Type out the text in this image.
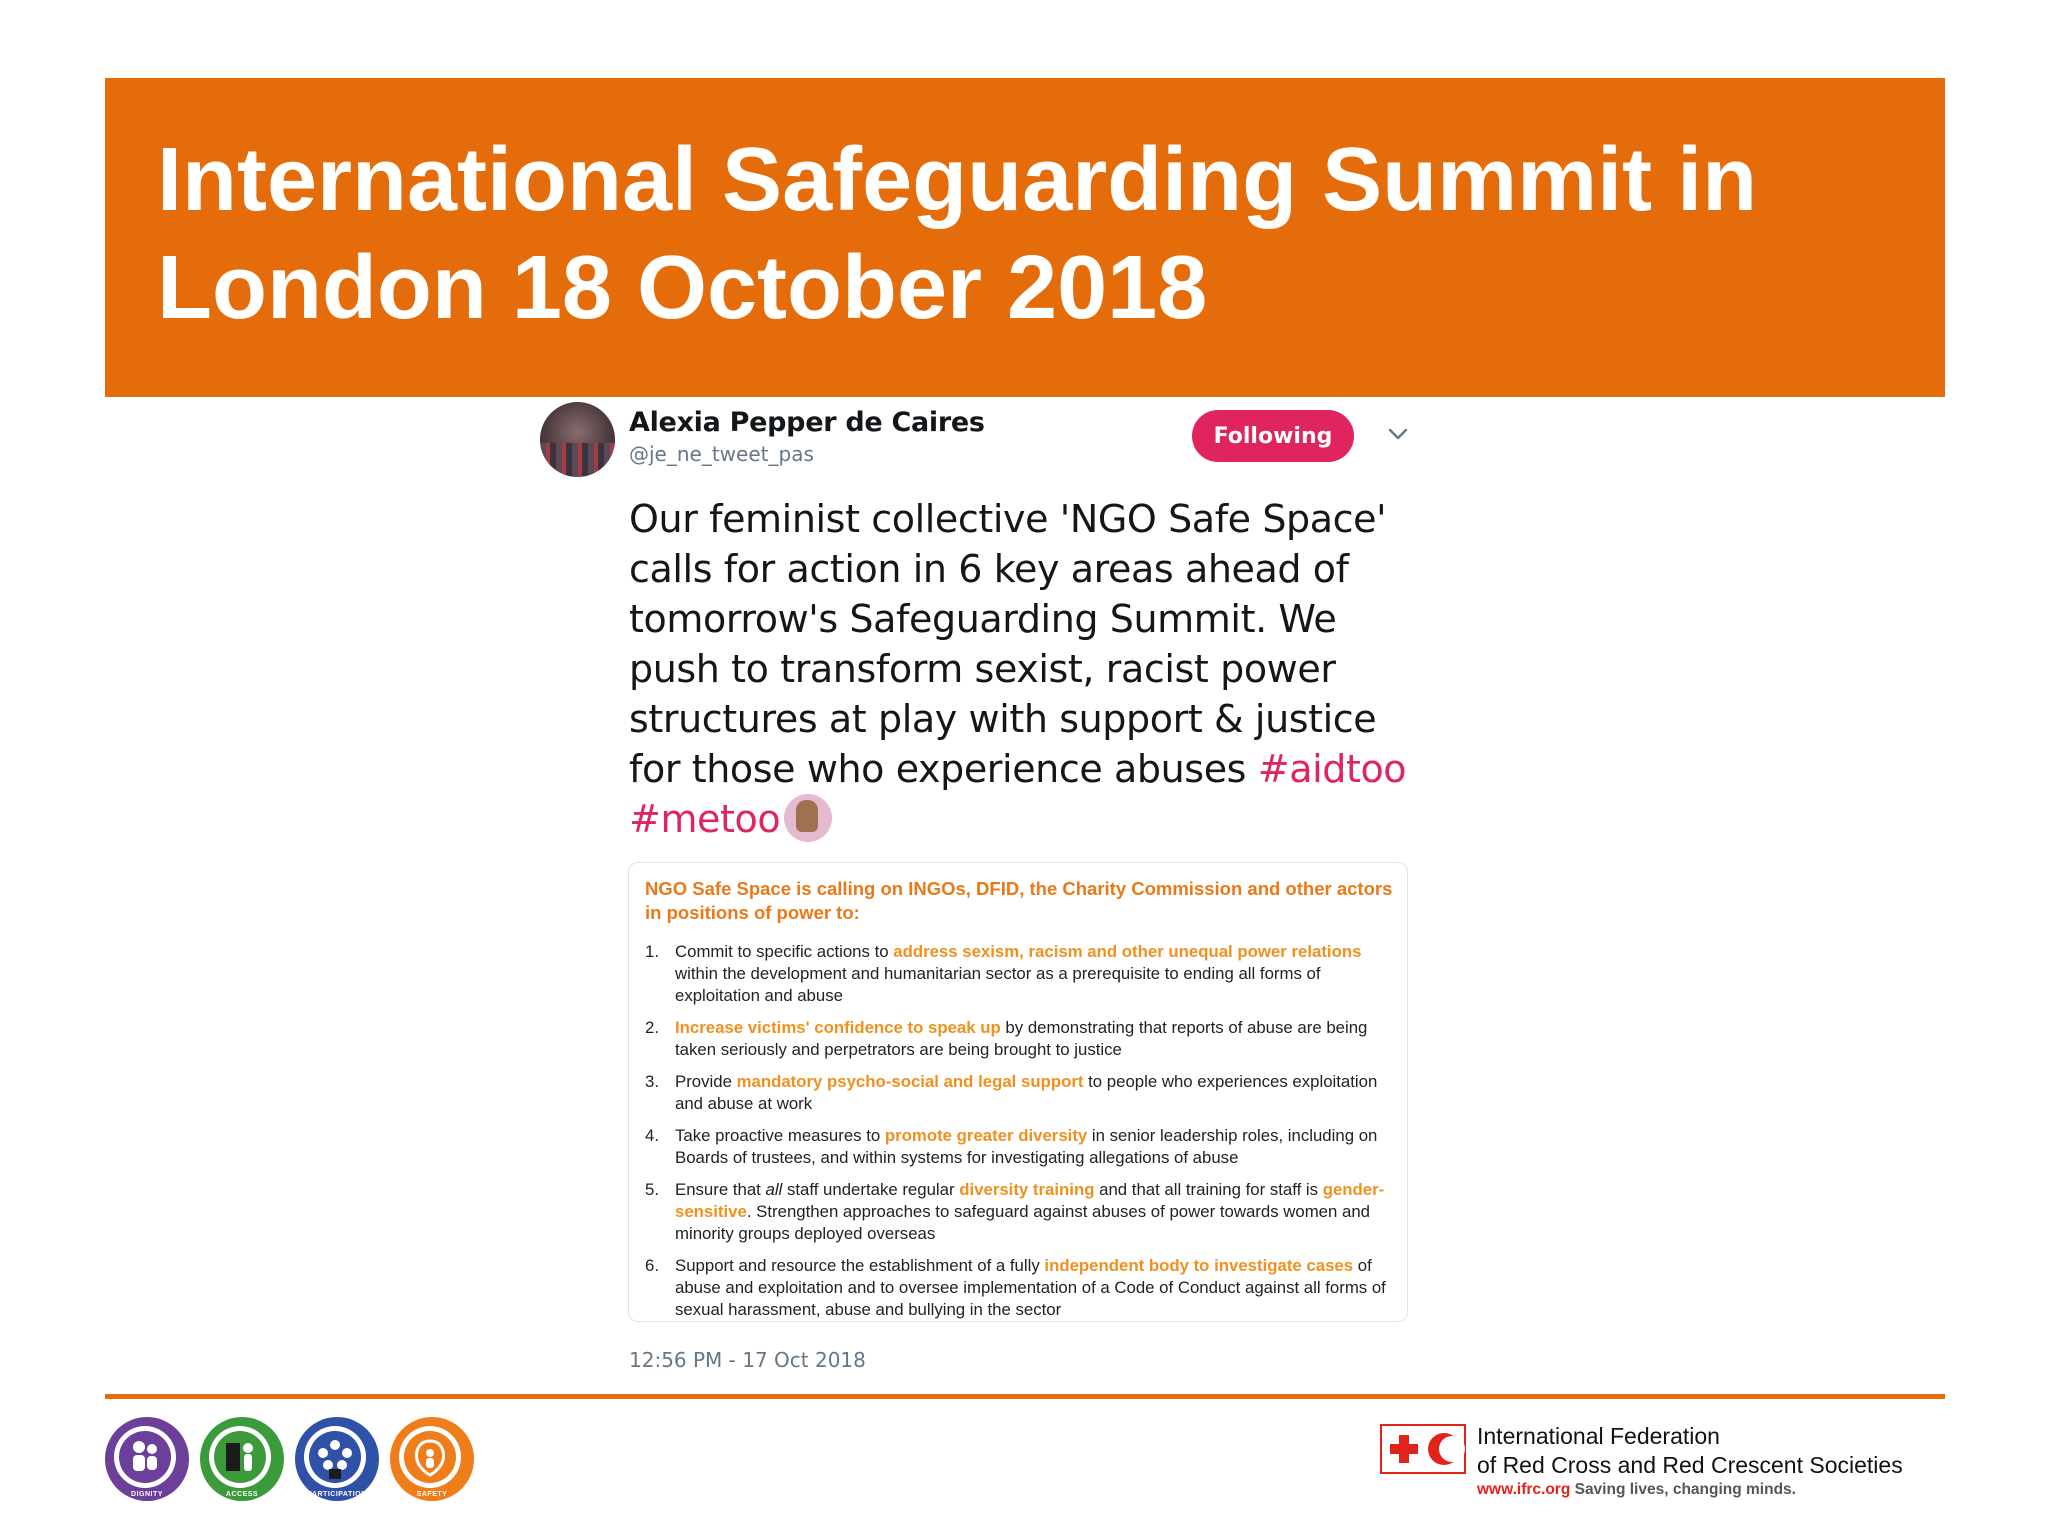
International Safeguarding Summit in
London 18 October 2018
Alexia Pepper de Caires
@je_ne_tweet_pas
Following
Our feminist collective 'NGO Safe Space' calls for action in 6 key areas ahead of tomorrow's Safeguarding Summit. We push to transform sexist, racist power structures at play with support & justice for those who experience abuses #aidtoo
#metoo

NGO Safe Space is calling on INGOs, DFID, the Charity Commission and other actors in positions of power to:

1. Commit to specific actions to address sexism, racism and other unequal power relations within the development and humanitarian sector as a prerequisite to ending all forms of exploitation and abuse
2. Increase victims' confidence to speak up by demonstrating that reports of abuse are being taken seriously and perpetrators are being brought to justice
3. Provide mandatory psycho-social and legal support to people who experiences exploitation and abuse at work
4. Take proactive measures to promote greater diversity in senior leadership roles, including on Boards of trustees, and within systems for investigating allegations of abuse
5. Ensure that all staff undertake regular diversity training and that all training for staff is gender-sensitive. Strengthen approaches to safeguard against abuses of power towards women and minority groups deployed overseas
6. Support and resource the establishment of a fully independent body to investigate cases of abuse and exploitation and to oversee implementation of a Code of Conduct against all forms of sexual harassment, abuse and bullying in the sector
12:56 PM - 17 Oct 2018
DIGNITY	ACCESS	PARTICIPATION	SAFETY
International Federation
of Red Cross and Red Crescent Societies
www.ifrc.org Saving lives, changing minds.
